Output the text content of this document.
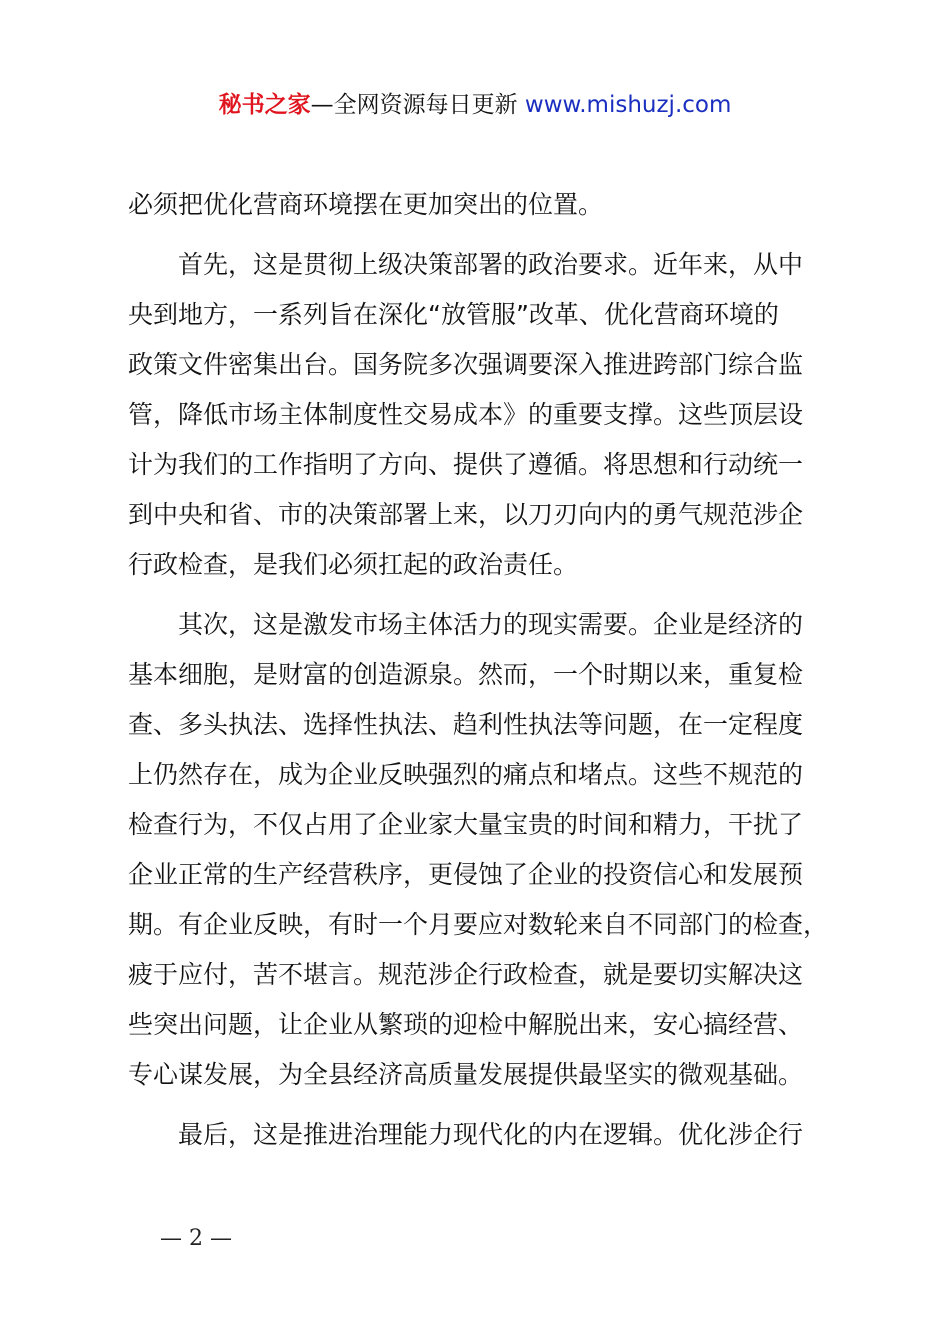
秘书之家—全网资源每日更新 www.mishuzj.com
必须把优化营商环境摆在更加突出的位置。
首先，这是贯彻上级决策部署的政治要求。近年来，从中
央到地方，一系列旨在深化“放管服”改革、优化营商环境的
政策文件密集出台。国务院多次强调要深入推进跨部门综合监
管，降低市场主体制度性交易成本》的重要支撑。这些顶层设
计为我们的工作指明了方向、提供了遵循。将思想和行动统一
到中央和省、市的决策部署上来，以刀刃向内的勇气规范涉企
行政检查，是我们必须扛起的政治责任。
其次，这是激发市场主体活力的现实需要。企业是经济的
基本细胞，是财富的创造源泉。然而，一个时期以来，重复检
查、多头执法、选择性执法、趋利性执法等问题，在一定程度
上仍然存在，成为企业反映强烈的痛点和堵点。这些不规范的
检查行为，不仅占用了企业家大量宝贵的时间和精力，干扰了
企业正常的生产经营秩序，更侵蚀了企业的投资信心和发展预
期。有企业反映，有时一个月要应对数轮来自不同部门的检查，
疲于应付，苦不堪言。规范涉企行政检查，就是要切实解决这
些突出问题，让企业从繁琐的迎检中解脱出来，安心搞经营、
专心谋发展，为全县经济高质量发展提供最坚实的微观基础。
最后，这是推进治理能力现代化的内在逻辑。优化涉企行
— 2 —
